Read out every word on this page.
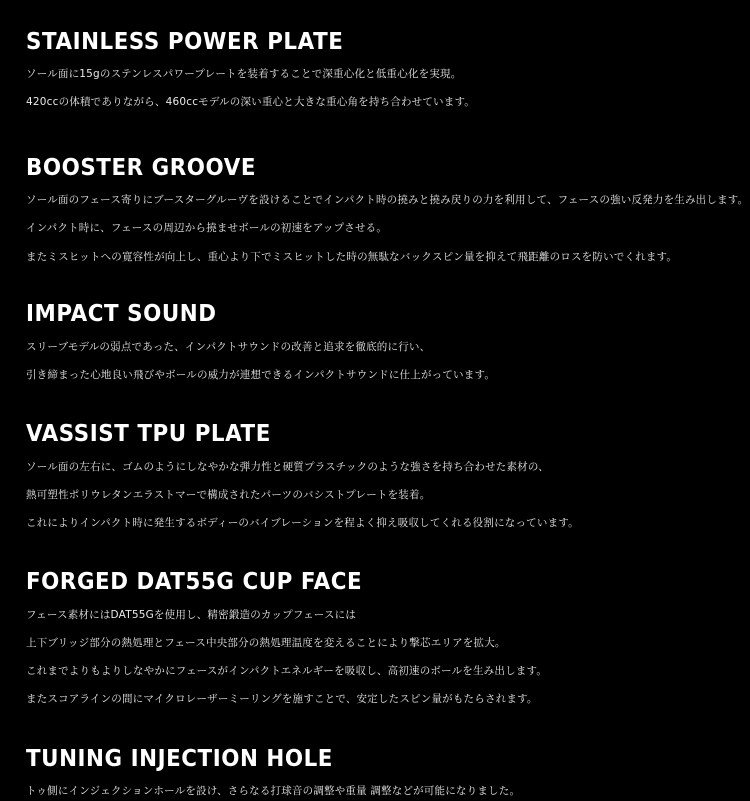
STAINLESS POWER PLATE

ソール面に15gのステンレスパワープレートを装着することで深重心化と低重心化を実現。

420ccの体積でありながら、460ccモデルの深い重心と大きな重心角を持ち合わせています。

BOOSTER GROOVE

ソール面のフェース寄りにブースターグルーヴを設けることでインパクト時の撓みと撓み戻りの力を利用して、フェースの強い反発力を生み出します。

インパクト時に、フェースの周辺から撓ませボールの初速をアップさせる。

またミスヒットへの寛容性が向上し、重心より下でミスヒットした時の無駄なバックスピン量を抑えて飛距離のロスを防いでくれます。

IMPACT SOUND

スリーブモデルの弱点であった、インパクトサウンドの改善と追求を徹底的に行い、

引き締まった心地良い飛びやボールの威力が連想できるインパクトサウンドに仕上がっています。

VASSIST TPU PLATE

ソール面の左右に、ゴムのようにしなやかな弾力性と硬質プラスチックのような強さを持ち合わせた素材の、

熱可塑性ポリウレタンエラストマーで構成されたパーツのバシストプレートを装着。

これによりインパクト時に発生するボディーのバイブレーションを程よく抑え吸収してくれる役割になっています。

FORGED DAT55G CUP FACE

フェース素材にはDAT55Gを使用し、精密鍛造のカップフェースには

上下ブリッジ部分の熱処理とフェース中央部分の熱処理温度を変えることにより撃芯エリアを拡大。

これまでよりもよりしなやかにフェースがインパクトエネルギーを吸収し、高初速のボールを生み出します。

またスコアラインの間にマイクロレーザーミーリングを施すことで、安定したスピン量がもたらされます。

TUNING INJECTION HOLE

トゥ側にインジェクションホールを設け、さらなる打球音の調整や重量 調整などが可能になりました。
